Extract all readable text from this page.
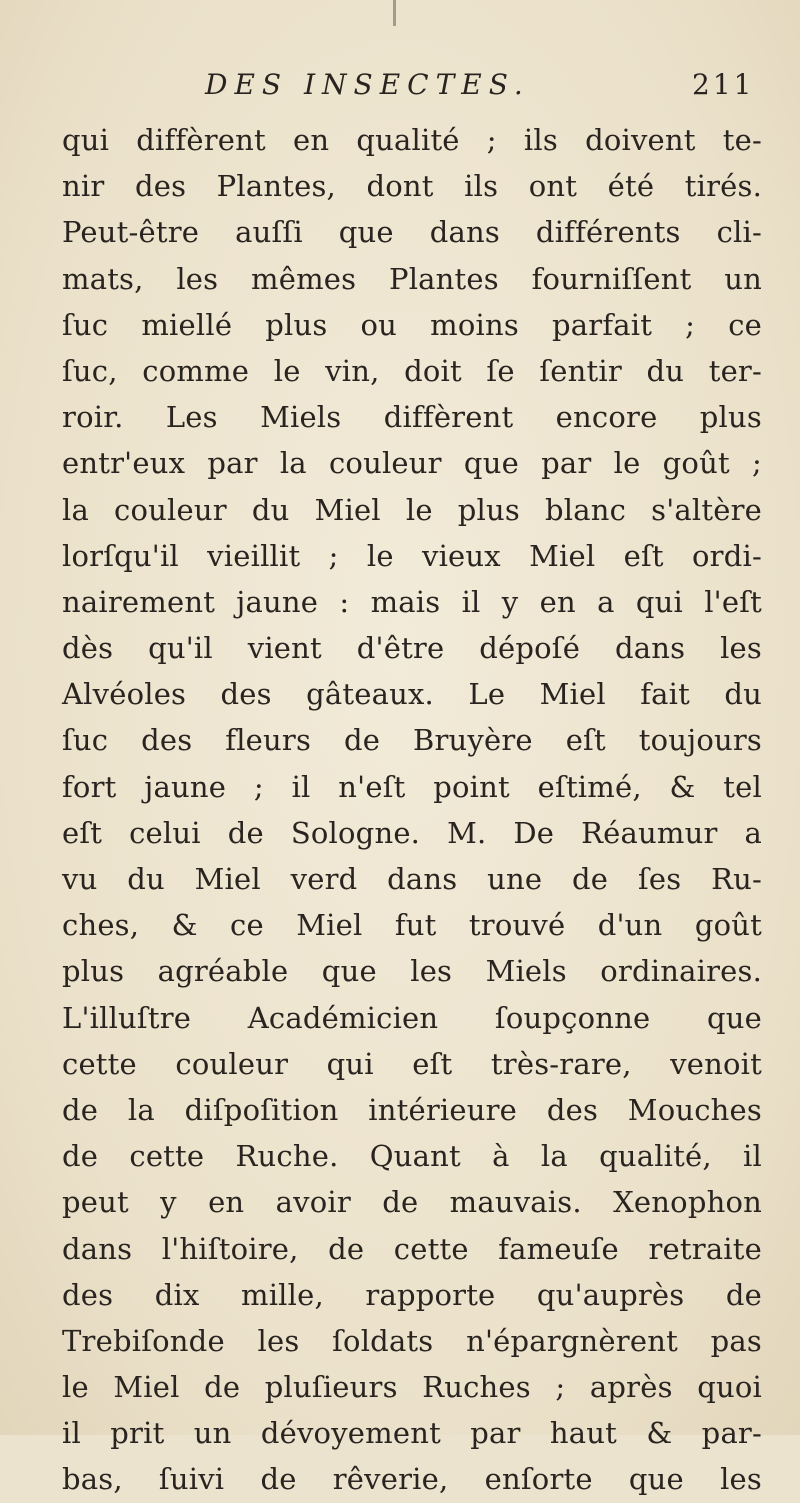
DES INSECTES.	211
qui diffèrent en qualité ; ils doivent te-
nir des Plantes, dont ils ont été tirés.
Peut-être auſſi que dans différents cli-
mats, les mêmes Plantes fourniſſent un
ſuc miellé plus ou moins parfait ; ce
ſuc, comme le vin, doit ſe ſentir du ter-
roir. Les Miels diffèrent encore plus
entr'eux par la couleur que par le goût ;
la couleur du Miel le plus blanc s'altère
lorſqu'il vieillit ; le vieux Miel eſt ordi-
nairement jaune : mais il y en a qui l'eſt
dès qu'il vient d'être dépoſé dans les
Alvéoles des gâteaux. Le Miel fait du
ſuc des fleurs de Bruyère eſt toujours
fort jaune ; il n'eſt point eſtimé, & tel
eſt celui de Sologne. M. De Réaumur a
vu du Miel verd dans une de ſes Ru-
ches, & ce Miel fut trouvé d'un goût
plus agréable que les Miels ordinaires.
L'illuſtre Académicien ſoupçonne que
cette couleur qui eſt très-rare, venoit
de la diſpoſition intérieure des Mouches
de cette Ruche. Quant à la qualité, il
peut y en avoir de mauvais. Xenophon
dans l'hiſtoire, de cette fameuſe retraite
des dix mille, rapporte qu'auprès de
Trebiſonde les ſoldats n'épargnèrent pas
le Miel de pluſieurs Ruches ; après quoi
il prit un dévoyement par haut & par-
bas, ſuivi de rêverie, enſorte que les
